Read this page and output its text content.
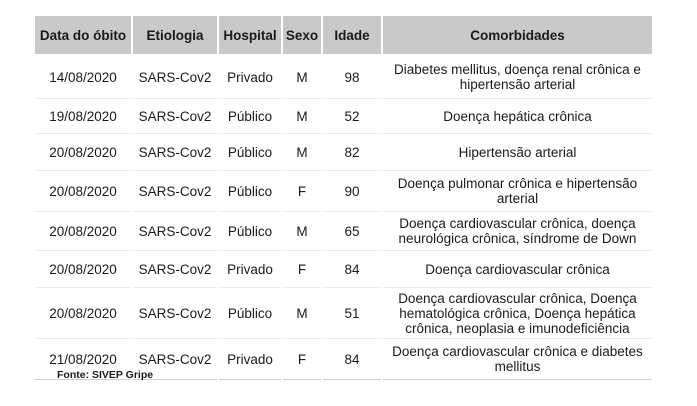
Data do óbito	Etiologia	Hospital	Sexo	Idade	Comorbidades
14/08/2020	SARS-Cov2	Privado	M	98	Diabetes mellitus, doença renal crônica e hipertensão arterial
19/08/2020	SARS-Cov2	Público	M	52	Doença hepática crônica
20/08/2020	SARS-Cov2	Público	M	82	Hipertensão arterial
20/08/2020	SARS-Cov2	Público	F	90	Doença pulmonar crônica e hipertensão arterial
20/08/2020	SARS-Cov2	Público	M	65	Doença cardiovascular crônica, doença neurológica crônica, síndrome de Down
20/08/2020	SARS-Cov2	Privado	F	84	Doença cardiovascular crônica
20/08/2020	SARS-Cov2	Público	M	51	Doença cardiovascular crônica, Doença hematológica crônica, Doença hepática crônica, neoplasia e imunodeficiência
21/08/2020	SARS-Cov2	Privado	F	84	Doença cardiovascular crônica e diabetes mellitus
Fonte: SIVEP Gripe
